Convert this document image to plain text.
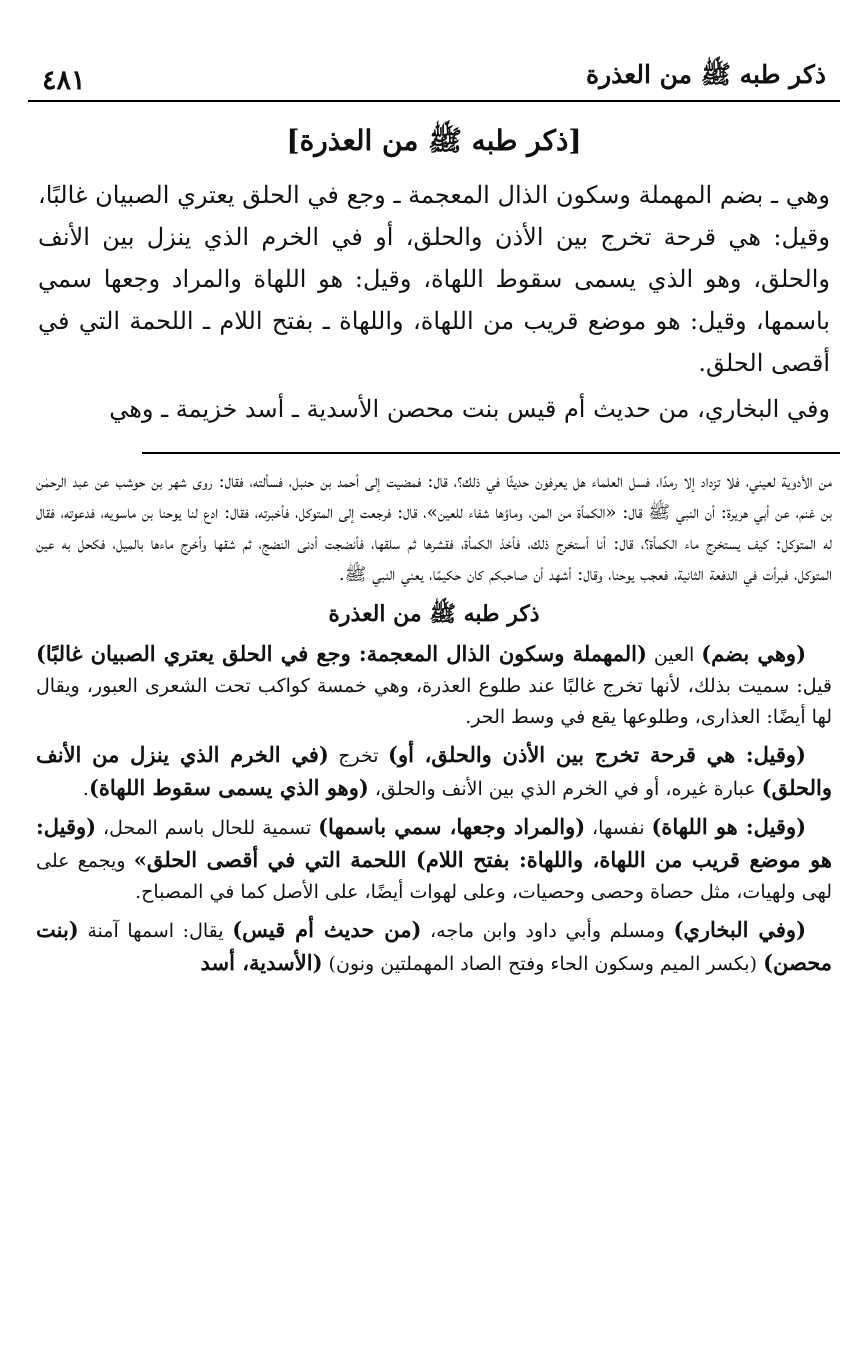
ذكر طبه ﷺ من العذرة
٤٨١
[ذكر طبه ﷺ من العذرة]

وهي ـ بضم المهملة وسكون الذال المعجمة ـ وجع في الحلق يعتري الصبيان غالبًا، وقيل: هي قرحة تخرج بين الأذن والحلق، أو في الخرم الذي ينزل بين الأنف والحلق، وهو الذي يسمى سقوط اللهاة، وقيل: هو اللهاة والمراد وجعها سمي باسمها، وقيل: هو موضع قريب من اللهاة، واللهاة ـ بفتح اللام ـ اللحمة التي في أقصى الحلق.

وفي البخاري، من حديث أم قيس بنت محصن الأسدية ـ أسد خزيمة ـ وهي

من الأدوية لعيني، فلا تزداد إلا رمدًا، فسل العلماء هل يعرفون حديثًا في ذلك؟، قال: فمضيت إلى أحمد بن حنبل، فسألته، فقال: روى شهر بن حوشب عن عبد الرحمٰن بن غنم، عن أبي هريرة: أن النبي ﷺ قال: «الكمأة من المن، وماؤها شفاء للعين»، قال: فرجعت إلى المتوكل، فأخبرته، فقال: ادع لنا يوحنا بن ماسويه، فدعوته، فقال له المتوكل: كيف يستخرج ماء الكمأة؟، قال: أنا أستخرج ذلك، فأخذ الكمأة، فقشرها ثم سلقها، فأنضجت أدنى النضج، ثم شقها وأخرج ماءها بالميل، فكحل به عين المتوكل، فبرأت في الدفعة الثانية، فعجب يوحنا، وقال: أشهد أن صاحبكم كان حكيمًا، يعني النبي ﷺ.

ذكر طبه ﷺ من العذرة

(وهي بضم) العين (المهملة وسكون الذال المعجمة: وجع في الحلق يعتري الصبيان غالبًا) قيل: سميت بذلك، لأنها تخرج غالبًا عند طلوع العذرة، وهي خمسة كواكب تحت الشعرى العبور، ويقال لها أيضًا: العذارى، وطلوعها يقع في وسط الحر.

(وقيل: هي قرحة تخرج بين الأذن والحلق، أو) تخرج (في الخرم الذي ينزل من الأنف والحلق) عبارة غيره، أو في الخرم الذي بين الأنف والحلق، (وهو الذي يسمى سقوط اللهاة).

(وقيل: هو اللهاة) نفسها، (والمراد وجعها، سمي باسمها) تسمية للحال باسم المحل، (وقيل: هو موضع قريب من اللهاة، واللهاة: بفتح اللام) اللحمة التي في أقصى الحلق» ويجمع على لهى ولهيات، مثل حصاة وحصى وحصيات، وعلى لهوات أيضًا، على الأصل كما في المصباح.

(وفي البخاري) ومسلم وأبي داود وابن ماجه، (من حديث أم قيس) يقال: اسمها آمنة (بنت محصن) (بكسر الميم وسكون الحاء وفتح الصاد المهملتين ونون) (الأسدية، أسد
